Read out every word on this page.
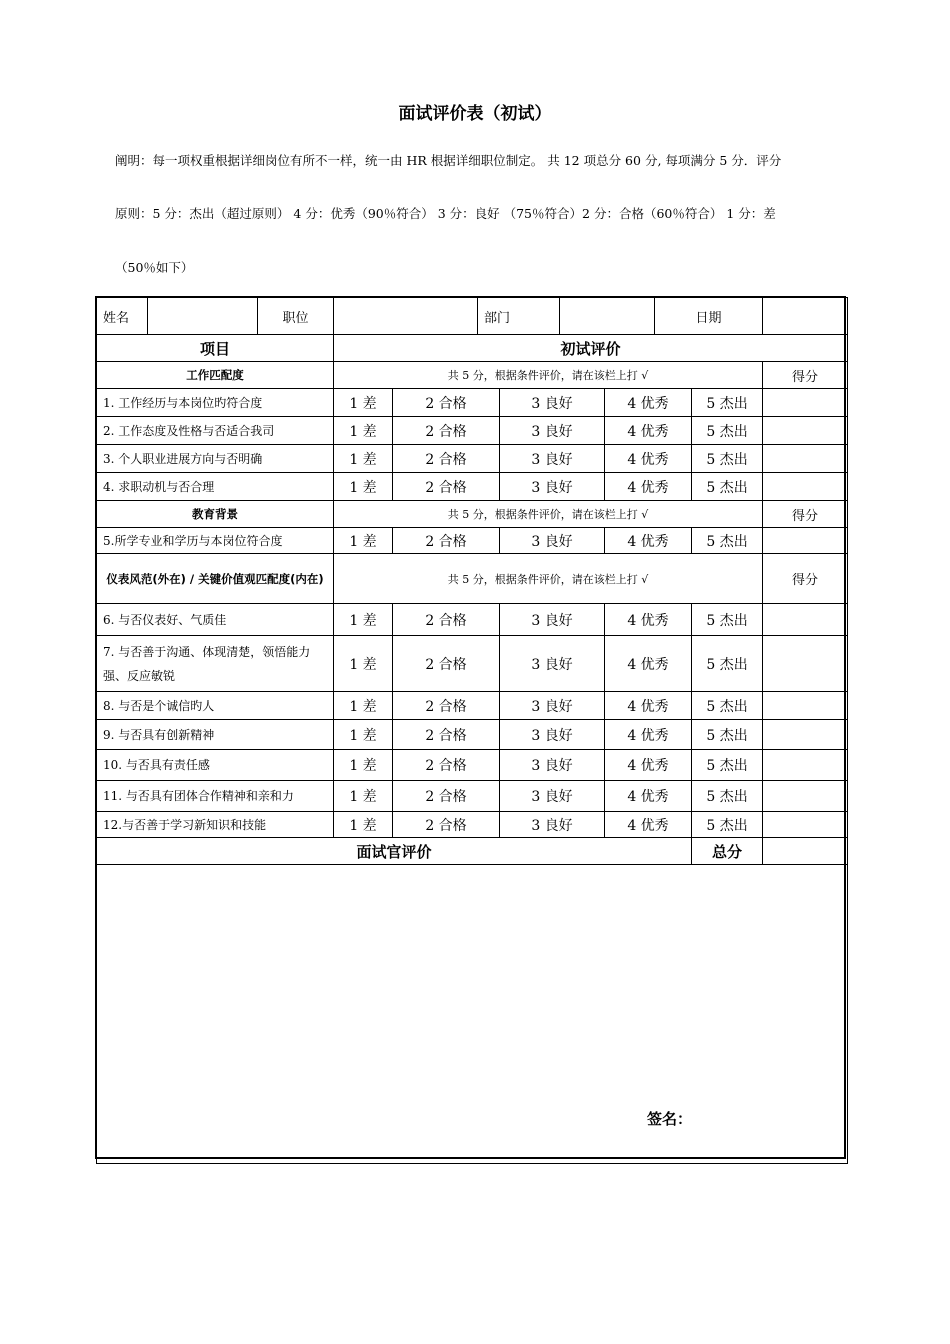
面试评价表（初试）
阐明：每一项权重根据详细岗位有所不一样，统一由 HR 根据详细职位制定。 共 12 项总分 60 分, 每项满分 5 分．评分
原则：5 分：杰出（超过原则） 4 分：优秀（90％符合） 3 分：良好 （75％符合）2 分：合格（60％符合） 1 分：差
（50％如下）
姓名		职位			部门				日期		
项目			初试评价								
工作匹配度			共 5 分，根据条件评价，请在该栏上打 √								得分
1. 工作经历与本岗位旳符合度			1 差	2 合格		3 良好		4 优秀		5 杰出	
2. 工作态度及性格与否适合我司			1 差	2 合格		3 良好		4 优秀		5 杰出	
3. 个人职业进展方向与否明确			1 差	2 合格		3 良好		4 优秀		5 杰出	
4. 求职动机与否合理			1 差	2 合格		3 良好		4 优秀		5 杰出	
教育背景			共 5 分，根据条件评价，请在该栏上打 √								得分
5.所学专业和学历与本岗位符合度			1 差	2 合格		3 良好		4 优秀		5 杰出	
仪表风范(外在) / 关键价值观匹配度(内在)			共 5 分，根据条件评价，请在该栏上打 √								得分
6. 与否仪表好、气质佳			1 差	2 合格		3 良好		4 优秀		5 杰出	
7. 与否善于沟通、体现清楚，领悟能力强、反应敏锐			1 差	2 合格		3 良好		4 优秀		5 杰出	
8. 与否是个诚信旳人			1 差	2 合格		3 良好		4 优秀		5 杰出	
9. 与否具有创新精神			1 差	2 合格		3 良好		4 优秀		5 杰出	
10. 与否具有责任感			1 差	2 合格		3 良好		4 优秀		5 杰出	
11. 与否具有团体合作精神和亲和力			1 差	2 合格		3 良好		4 优秀		5 杰出	
12.与否善于学习新知识和技能			1 差	2 合格		3 良好		4 优秀		5 杰出	
面试官评价										总分	

签名：											
